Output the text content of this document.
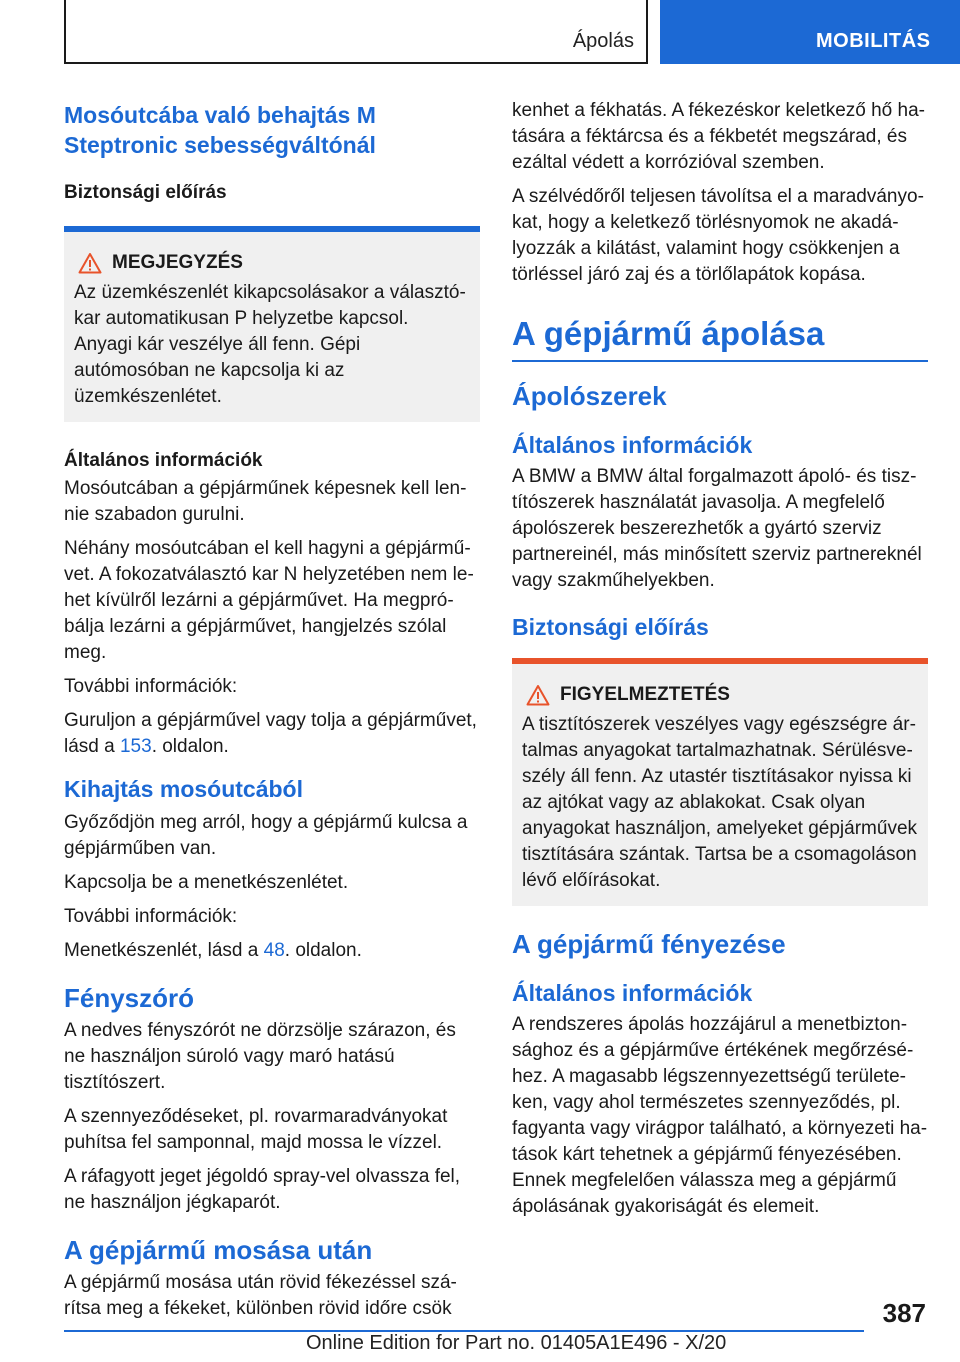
Ápolás	MOBILITÁS
Mosóutcába való behajtás M Steptronic sebességváltónál

Biztonsági előírás

MEGJEGYZÉS

Az üzemkészenlét kikapcsolásakor a választókar automatikusan P helyzetbe kapcsol. Anyagi kár veszélye áll fenn. Gépi autómosóban ne kapcsolja ki az üzemkészenlétet.

Általános információk

Mosóutcában a gépjárműnek képesnek kell lennie szabadon gurulni.

Néhány mosóutcában el kell hagyni a gépjárművet. A fokozatválasztó kar N helyzetében nem lehet kívülről lezárni a gépjárművet. Ha megpróbálja lezárni a gépjárművet, hangjelzés szólal meg.

További információk:

Guruljon a gépjárművel vagy tolja a gépjárművet, lásd a 153. oldalon.

Kihajtás mosóutcából

Győződjön meg arról, hogy a gépjármű kulcsa a gépjárműben van.

Kapcsolja be a menetkészenlétet.

További információk:

Menetkészenlét, lásd a 48. oldalon.

Fényszóró

A nedves fényszórót ne dörzsölje szárazon, és ne használjon súroló vagy maró hatású tisztítószert.

A szennyeződéseket, pl. rovarmaradványokat puhítsa fel samponnal, majd mossa le vízzel.

A ráfagyott jeget jégoldó spray-vel olvassza fel, ne használjon jégkaparót.

A gépjármű mosása után

A gépjármű mosása után rövid fékezéssel szárítsa meg a fékeket, különben rövid időre csök

kenhet a fékhatás. A fékezéskor keletkező hő hatására a féktárcsa és a fékbetét megszárad, és ezáltal védett a korrózióval szemben.

A szélvédőről teljesen távolítsa el a maradványokat, hogy a keletkező törlésnyomok ne akadályozzák a kilátást, valamint hogy csökkenjen a törléssel járó zaj és a törlőlapátok kopása.

A gépjármű ápolása
Ápolószerek
Általános információk

A BMW a BMW által forgalmazott ápoló- és tisztítószerek használatát javasolja. A megfelelő ápolószerek beszerezhetők a gyártó szerviz partnereinél, más minősített szerviz partnereknél vagy szakműhelyekben.

Biztonsági előírás
FIGYELMEZTETÉS

A tisztítószerek veszélyes vagy egészségre ártalmas anyagokat tartalmazhatnak. Sérülésveszély áll fenn. Az utastér tisztításakor nyissa ki az ajtókat vagy az ablakokat. Csak olyan anyagokat használjon, amelyeket gépjárművek tisztítására szántak. Tartsa be a csomagoláson lévő előírásokat.

A gépjármű fényezése
Általános információk

A rendszeres ápolás hozzájárul a menetbiztonsághoz és a gépjárműve értékének megőrzéséhez. A magasabb légszennyezettségű területeken, vagy ahol természetes szennyeződés, pl. fagyanta vagy virágpor található, a környezeti hatások kárt tehetnek a gépjármű fényezésében. Ennek megfelelően válassza meg a gépjármű ápolásának gyakoriságát és elemeit.

387
Online Edition for Part no. 01405A1E496 - X/20
